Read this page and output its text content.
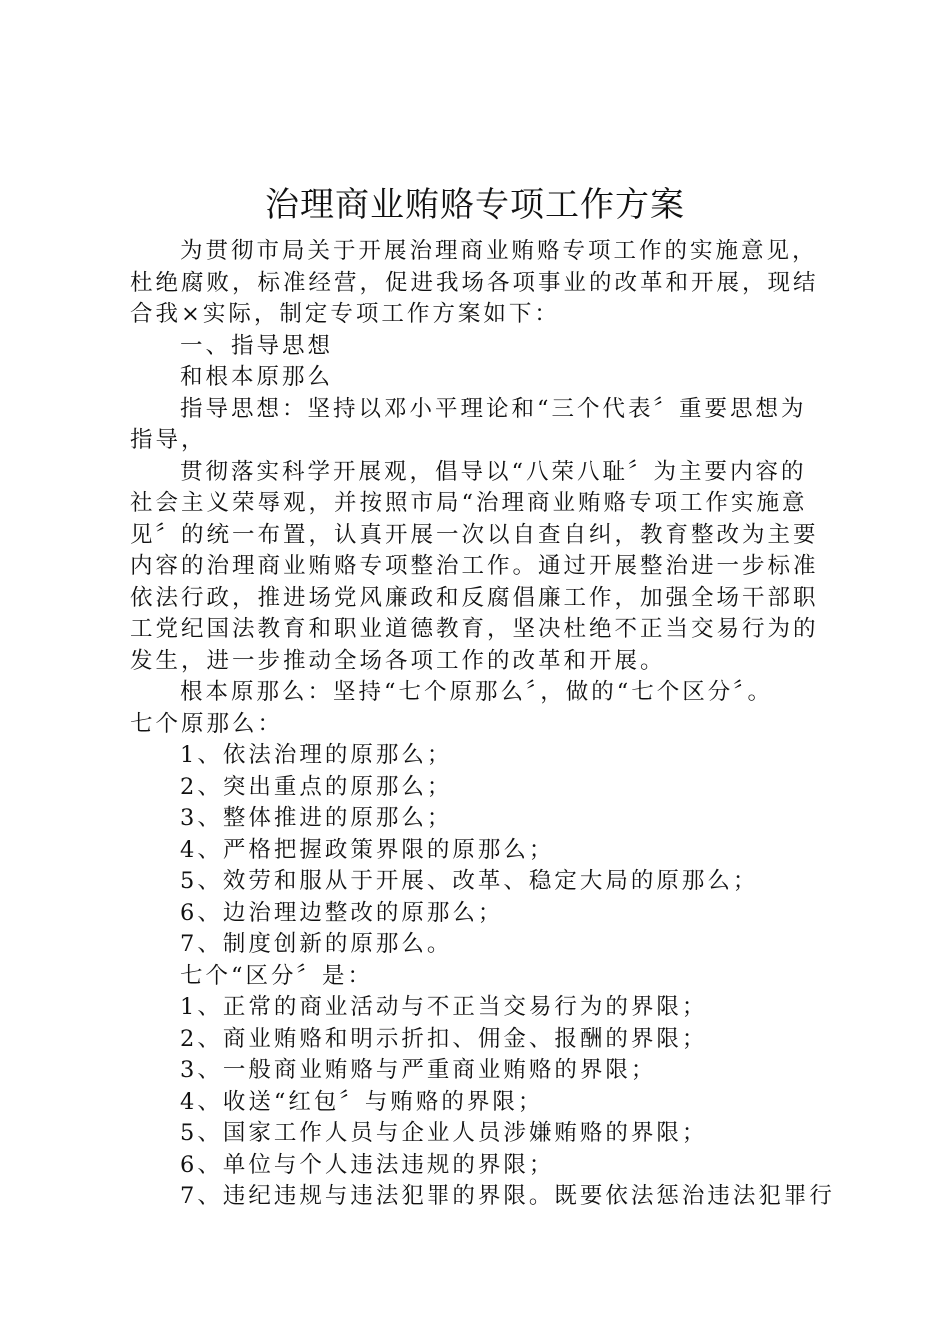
治理商业贿赂专项工作方案

为贯彻市局关于开展治理商业贿赂专项工作的实施意见，

杜绝腐败，标准经营，促进我场各项事业的改革和开展，现结

合我×实际，制定专项工作方案如下：

一、指导思想

和根本原那么

指导思想：坚持以邓小平理论和“三个代表〞重要思想为

指导，

贯彻落实科学开展观，倡导以“八荣八耻〞为主要内容的

社会主义荣辱观，并按照市局“治理商业贿赂专项工作实施意

见〞的统一布置，认真开展一次以自查自纠，教育整改为主要

内容的治理商业贿赂专项整治工作。通过开展整治进一步标准

依法行政，推进场党风廉政和反腐倡廉工作，加强全场干部职

工党纪国法教育和职业道德教育，坚决杜绝不正当交易行为的

发生，进一步推动全场各项工作的改革和开展。

根本原那么：坚持“七个原那么〞，做的“七个区分〞。

七个原那么：

1、依法治理的原那么；

2、突出重点的原那么；

3、整体推进的原那么；

4、严格把握政策界限的原那么；

5、效劳和服从于开展、改革、稳定大局的原那么；

6、边治理边整改的原那么；

7、制度创新的原那么。

七个“区分〞是：

1、正常的商业活动与不正当交易行为的界限；

2、商业贿赂和明示折扣、佣金、报酬的界限；

3、一般商业贿赂与严重商业贿赂的界限；

4、收送“红包〞与贿赂的界限；

5、国家工作人员与企业人员涉嫌贿赂的界限；

6、单位与个人违法违规的界限；

7、违纪违规与违法犯罪的界限。既要依法惩治违法犯罪行
